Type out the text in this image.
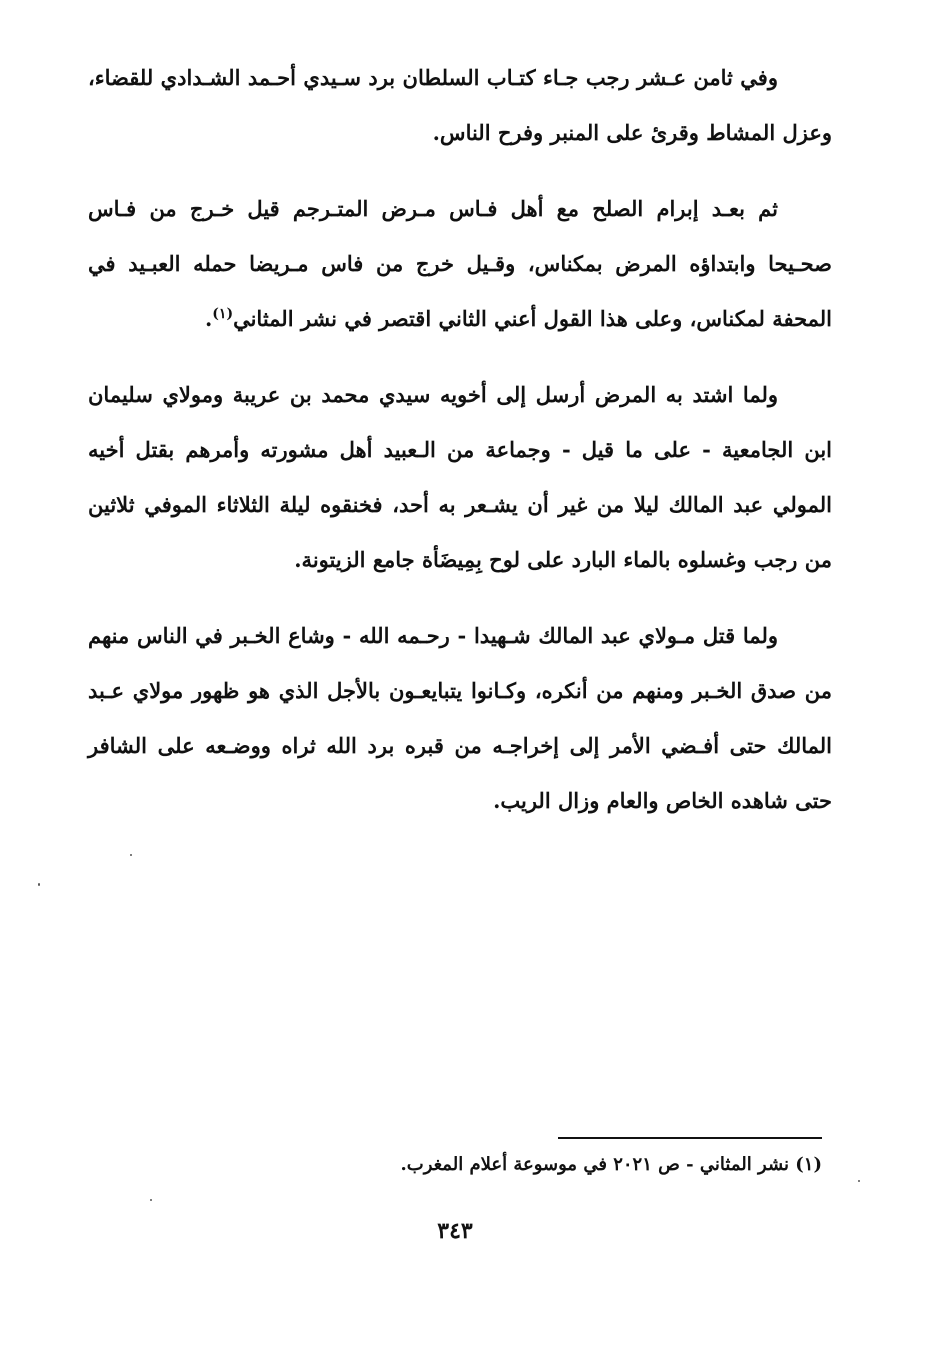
وفي ثامن عـشر رجب جـاء كتـاب السلطان برد سـيدي أحـمد الشـدادي للقضاء، وعزل المشاط وقرئ على المنبر وفرح الناس.

ثم بعـد إبرام الصلح مع أهل فـاس مـرض المتـرجم قيل خـرج من فـاس صحـيحا وابتداؤه المرض بمكناس، وقـيل خرج من فاس مـريضا حمله العبـيد في المحفة لمكناس، وعلى هذا القول أعني الثاني اقتصر في نشر المثاني$^{(١)}$.

ولما اشتد به المرض أرسل إلى أخويه سيدي محمد بن عريبة ومولاي سليمان ابن الجامعية - على ما قيل - وجماعة من الـعبيد أهل مشورته وأمرهم بقتل أخيه المولي عبد المالك ليلا من غير أن يشـعر به أحد، فخنقوه ليلة الثلاثاء الموفي ثلاثين من رجب وغسلوه بالماء البارد على لوح بِمِيضَأة جامع الزيتونة.

ولما قتل مـولاي عبد المالك شـهيدا - رحـمه الله - وشاع الخـبر في الناس منهم من صدق الخـبر ومنهم من أنكره، وكـانوا يتبايعـون بالأجل الذي هو ظهور مولاي عـبد المالك حتى أفـضي الأمر إلى إخراجـه من قبره برد الله ثراه ووضـعه على الشافر حتى شاهده الخاص والعام وزال الريب.

(١) نشر المثاني - ص ٢٠٢١ في موسوعة أعلام المغرب.
٣٤٣
